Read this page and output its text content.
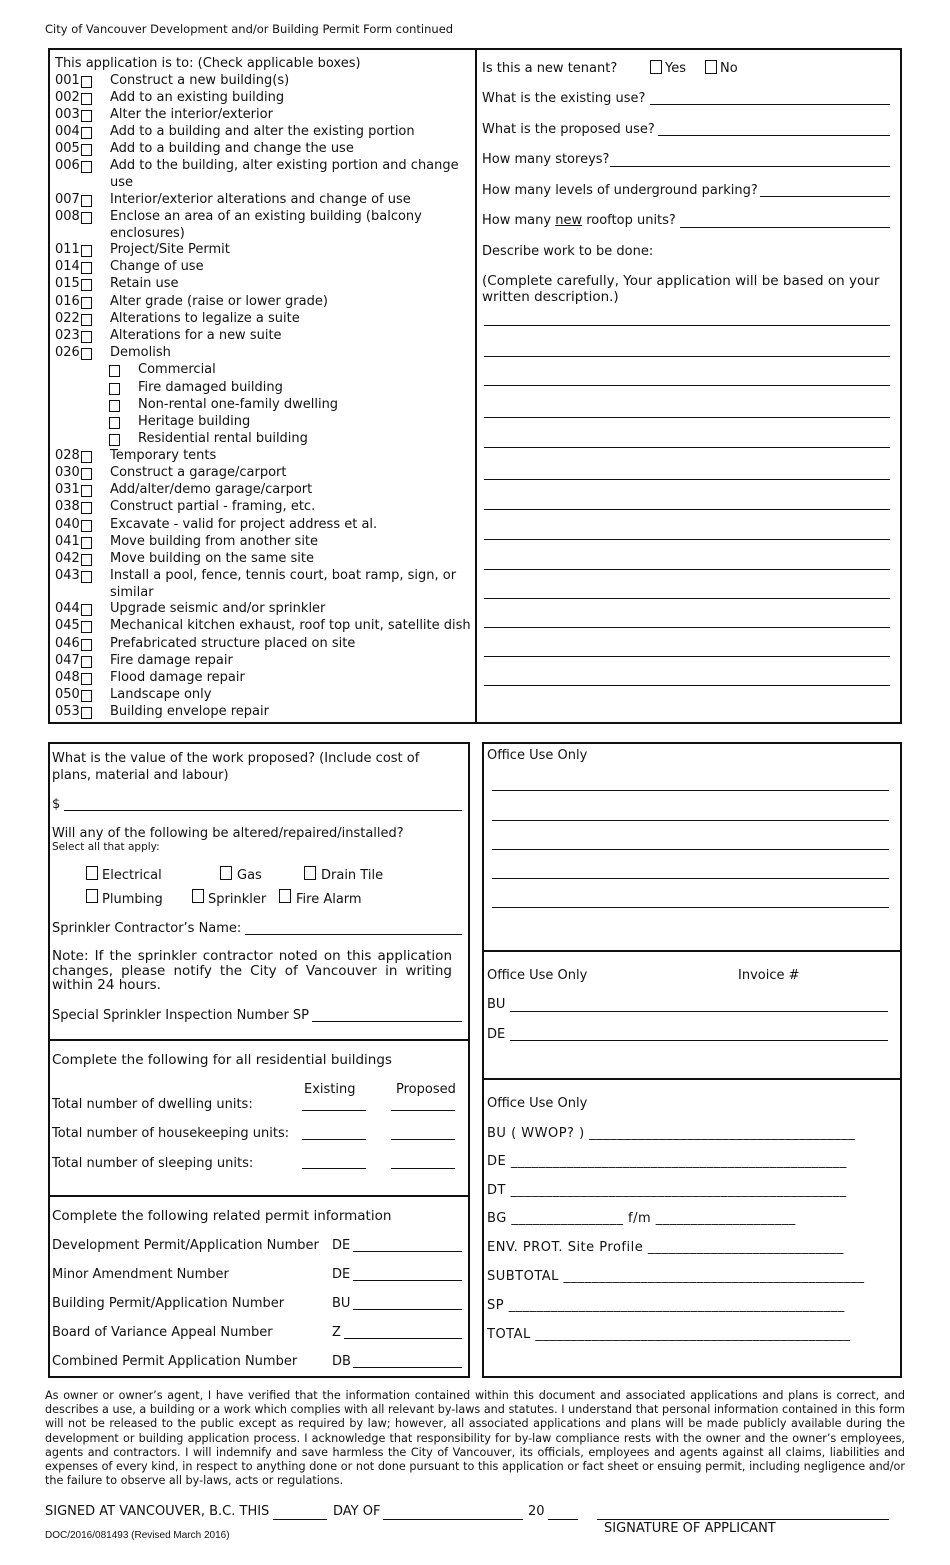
City of Vancouver Development and/or Building Permit Form continued
This application is to: (Check applicable boxes)
001 Construct a new building(s)
002 Add to an existing building
003 Alter the interior/exterior
004 Add to a building and alter the existing portion
005 Add to a building and change the use
006 Add to the building, alter existing portion and change
use
007 Interior/exterior alterations and change of use
008 Enclose an area of an existing building (balcony
enclosures)
011 Project/Site Permit
014 Change of use
015 Retain use
016 Alter grade (raise or lower grade)
022 Alterations to legalize a suite
023 Alterations for a new suite
026 Demolish
028 Temporary tents
030 Construct a garage/carport
031 Add/alter/demo garage/carport
038 Construct partial - framing, etc.
040 Excavate - valid for project address et al.
041 Move building from another site
042 Move building on the same site
043 Install a pool, fence, tennis court, boat ramp, sign, or
similar
044 Upgrade seismic and/or sprinkler
045 Mechanical kitchen exhaust, roof top unit, satellite dish
046 Prefabricated structure placed on site
047 Fire damage repair
048 Flood damage repair
050 Landscape only
053 Building envelope repair
Commercial
Fire damaged building
Non-rental one-family dwelling
Heritage building
Residential rental building
Is this a new tenant?	Yes	No
What is the existing use?
What is the proposed use?
How many storeys?
How many levels of underground parking?
How many new rooftop units?
Describe work to be done:
(Complete carefully, Your application will be based on your written description.)
What is the value of the work proposed? (Include cost of plans, material and labour)
$
Will any of the following be altered/repaired/installed?
Select all that apply:
Electrical	Gas	Drain Tile
Plumbing	Sprinkler Fire Alarm
Sprinkler Contractor’s Name:
Note: If the sprinkler contractor noted on this application changes, please notify the City of Vancouver in writing within 24 hours.
Special Sprinkler Inspection Number SP
Complete the following for all residential buildings
Existing	Proposed
Total number of dwelling units:
Total number of housekeeping units:
Total number of sleeping units:
Complete the following related permit information
Development Permit/Application Number DE
Minor Amendment Number	DE
Building Permit/Application Number	BU
Board of Variance Appeal Number	Z
Combined Permit Application Number	DB
Office Use Only
Office Use Only	Invoice #
BU
DE
Office Use Only
BU ( WWOP? ) ______________________________________
DE ________________________________________________
DT ________________________________________________
BG ________________ f/m ____________________
ENV. PROT. Site Profile ____________________________
SUBTOTAL ___________________________________________
SP ________________________________________________
TOTAL _____________________________________________
As owner or owner’s agent, I have verified that the information contained within this document and associated applications and plans is correct, and describes a use, a building or a work which complies with all relevant by-laws and statutes. I understand that personal information contained in this form will not be released to the public except as required by law; however, all associated applications and plans will be made publicly available during the development or building application process. I acknowledge that responsibility for by-law compliance rests with the owner and the owner’s employees, agents and contractors. I will indemnify and save harmless the City of Vancouver, its officials, employees and agents against all claims, liabilities and expenses of every kind, in respect to anything done or not done pursuant to this application or fact sheet or ensuing permit, including negligence and/or the failure to observe all by-laws, acts or regulations.
SIGNED AT VANCOUVER, B.C. THIS	DAY OF	20
SIGNATURE OF APPLICANT
DOC/2016/081493 (Revised March 2016)
